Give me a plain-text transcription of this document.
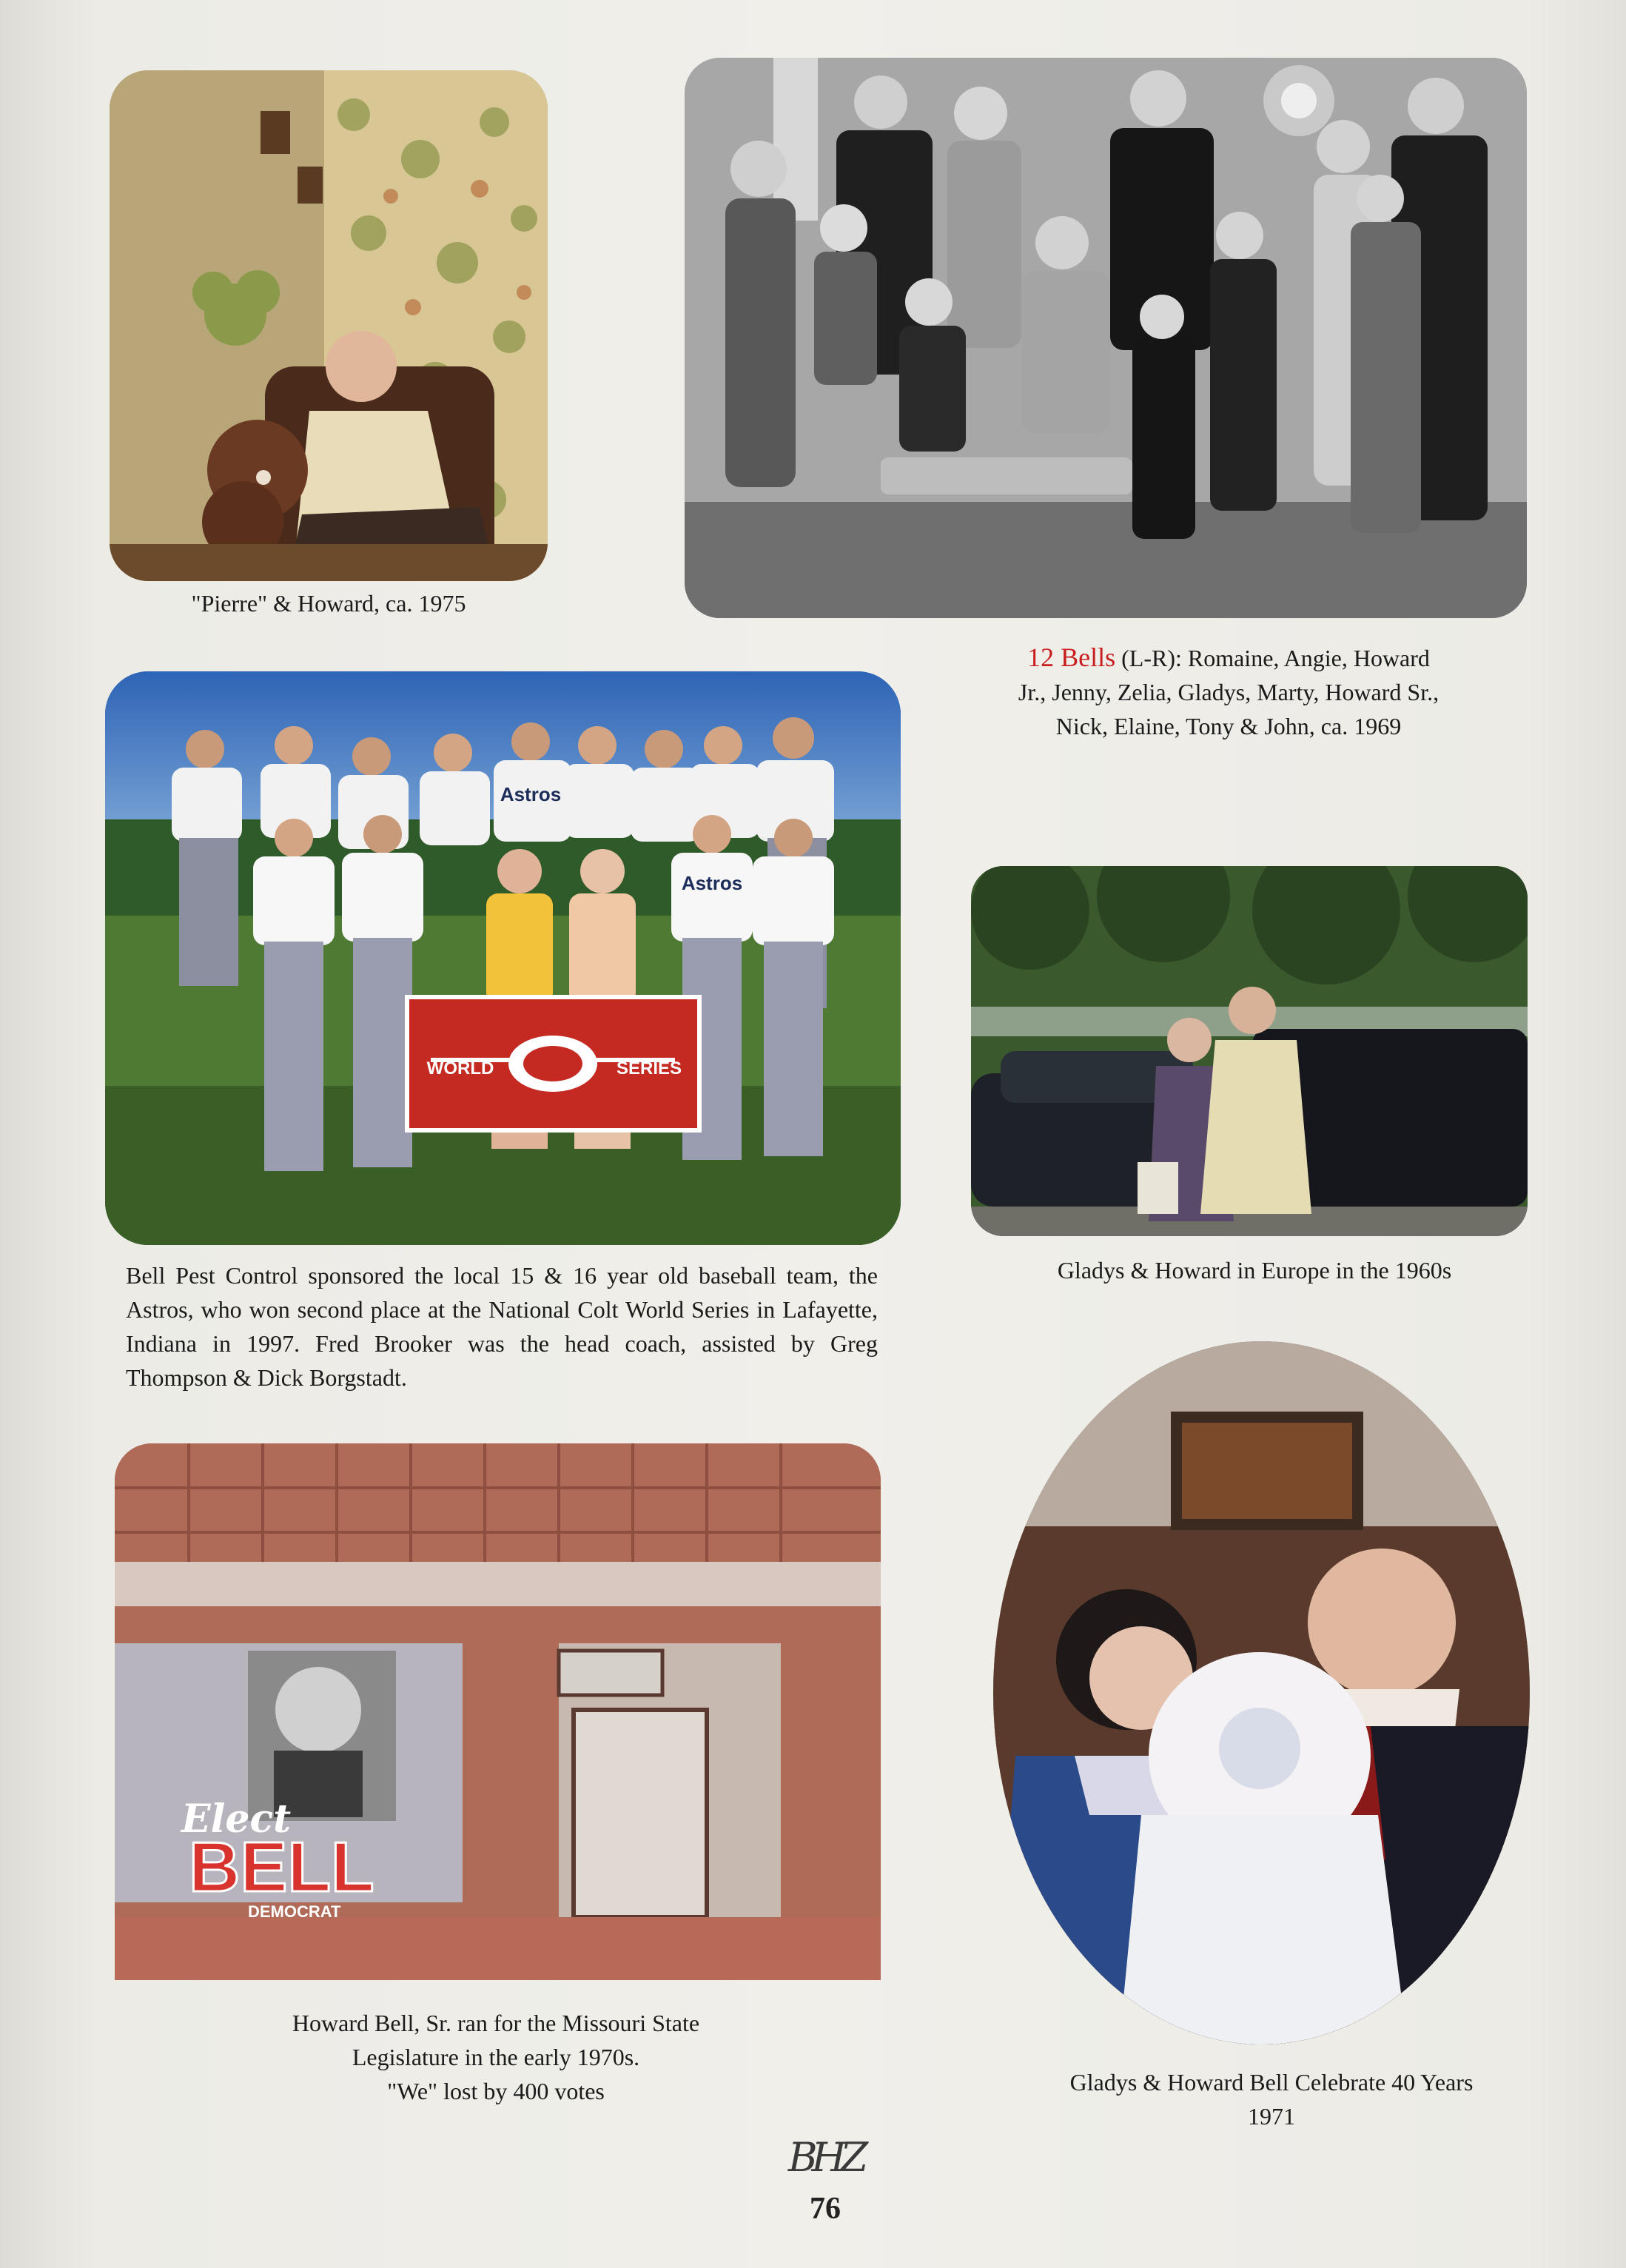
"Pierre" & Howard, ca. 1975
12 Bells (L-R): Romaine, Angie, Howard Jr., Jenny, Zelia, Gladys, Marty, Howard Sr., Nick, Elaine, Tony & John, ca. 1969
Astros
Astros
WORLD	SERIES
Bell Pest Control sponsored the local 15 & 16 year old baseball team, the Astros, who won second place at the National Colt World Series in Lafayette, Indiana in 1997. Fred Brooker was the head coach, assisted by Greg Thompson & Dick Borgstadt.
Gladys & Howard in Europe in the 1960s
Elect
BELL
DEMOCRAT
Howard Bell, Sr. ran for the Missouri State
Legislature in the early 1970s.
"We" lost by 400 votes	Gladys & Howard Bell Celebrate 40 Years
1971
BHZ
76
